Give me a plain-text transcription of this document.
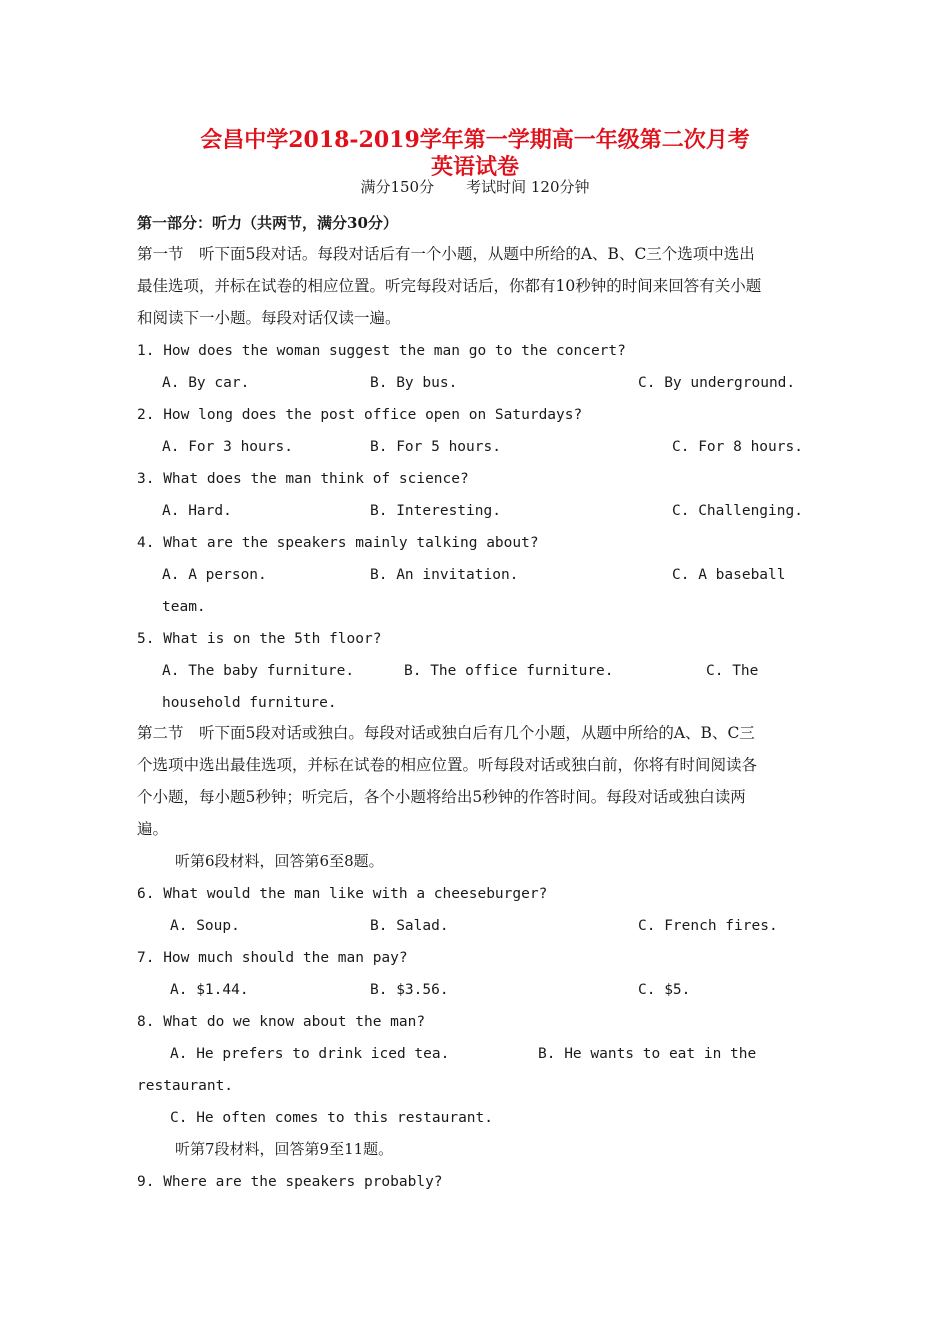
会昌中学2018-2019学年第一学期高一年级第二次月考
英语试卷
满分150分 考试时间 120分钟
第一部分：听力（共两节，满分30分）

第一节　听下面5段对话。每段对话后有一个小题，从题中所给的A、B、C三个选项中选出

最佳选项，并标在试卷的相应位置。听完每段对话后，你都有10秒钟的时间来回答有关小题

和阅读下一小题。每段对话仅读一遍。

1. How does the woman suggest the man go to the concert?
A. By car.	B. By bus.	C. By underground.
2. How long does the post office open on Saturdays?
A. For 3 hours.	B. For 5 hours.	C. For 8 hours.
3. What does the man think of science?
A. Hard.	B. Interesting.	C. Challenging.
4. What are the speakers mainly talking about?
A. A person.	B. An invitation.	C. A baseball
team.
5. What is on the 5th floor?
A. The baby furniture.	B. The office furniture.	C. The
household furniture.

第二节　听下面5段对话或独白。每段对话或独白后有几个小题，从题中所给的A、B、C三

个选项中选出最佳选项，并标在试卷的相应位置。听每段对话或独白前，你将有时间阅读各

个小题，每小题5秒钟；听完后，各个小题将给出5秒钟的作答时间。每段对话或独白读两

遍。

听第6段材料，回答第6至8题。
6. What would the man like with a cheeseburger?
A. Soup.	B. Salad.	C. French fires.
7. How much should the man pay?
A. $1.44.	B. $3.56.	C. $5.
8. What do we know about the man?
A. He prefers to drink iced tea.	B. He wants to eat in the
restaurant.
C. He often comes to this restaurant.
听第7段材料，回答第9至11题。
9. Where are the speakers probably?
